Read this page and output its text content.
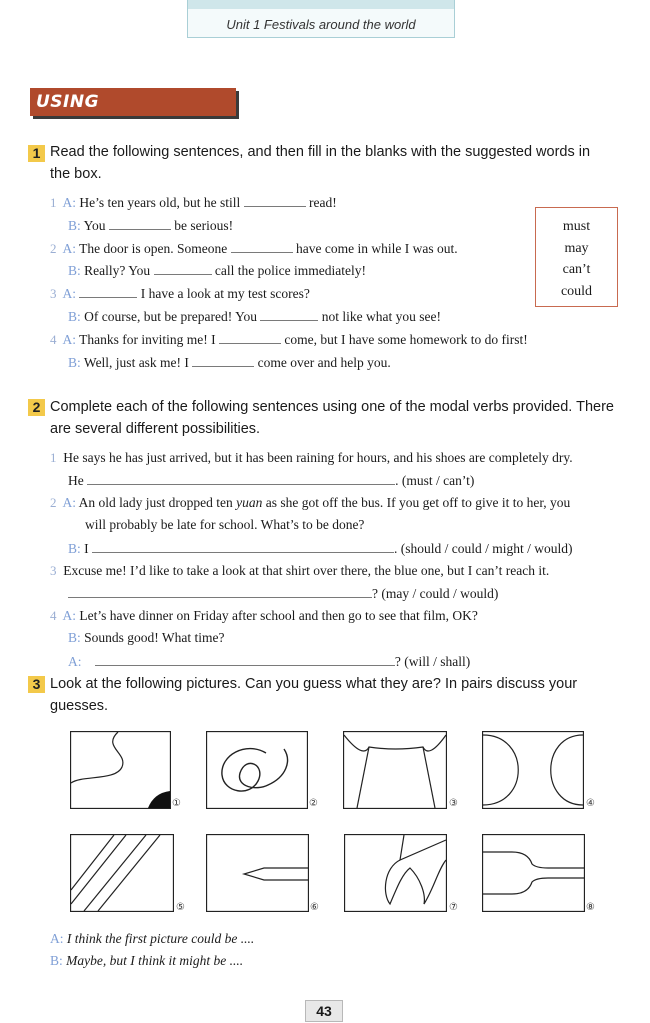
Unit 1 Festivals around the world
USING STRUCTURES
1 Read the following sentences, and then fill in the blanks with the suggested words in
the box.
1 A: He’s ten years old, but he still	read!
B: You	be serious!
2 A: The door is open. Someone	have come in while I was out.
B: Really? You	call the police immediately!
3 A:	I have a look at my test scores?
B: Of course, but be prepared! You	not like what you see!
4 A: Thanks for inviting me! I	come, but I have some homework to do first!
B: Well, just ask me! I	come over and help you.
must
may
can’t
could
2 Complete each of the following sentences using one of the modal verbs provided. There
are several different possibilities.
1 He says he has just arrived, but it has been raining for hours, and his shoes are completely dry.
He	. (must / can’t)
2 A: An old lady just dropped ten yuan as she got off the bus. If you get off to give it to her, you
will probably be late for school. What’s to be done?
B: I	. (should / could / might / would)
3 Excuse me! I’d like to take a look at that shirt over there, the blue one, but I can’t reach it.
? (may / could / would)
4 A: Let’s have dinner on Friday after school and then go to see that film, OK?
B: Sounds good! What time?
A:	? (will / shall)
3 Look at the following pictures. Can you guess what they are? In pairs discuss your
guesses.
①	②	③	④
⑤	⑥	⑦	⑧
A: I think the first picture could be ....
B: Maybe, but I think it might be ....
43
